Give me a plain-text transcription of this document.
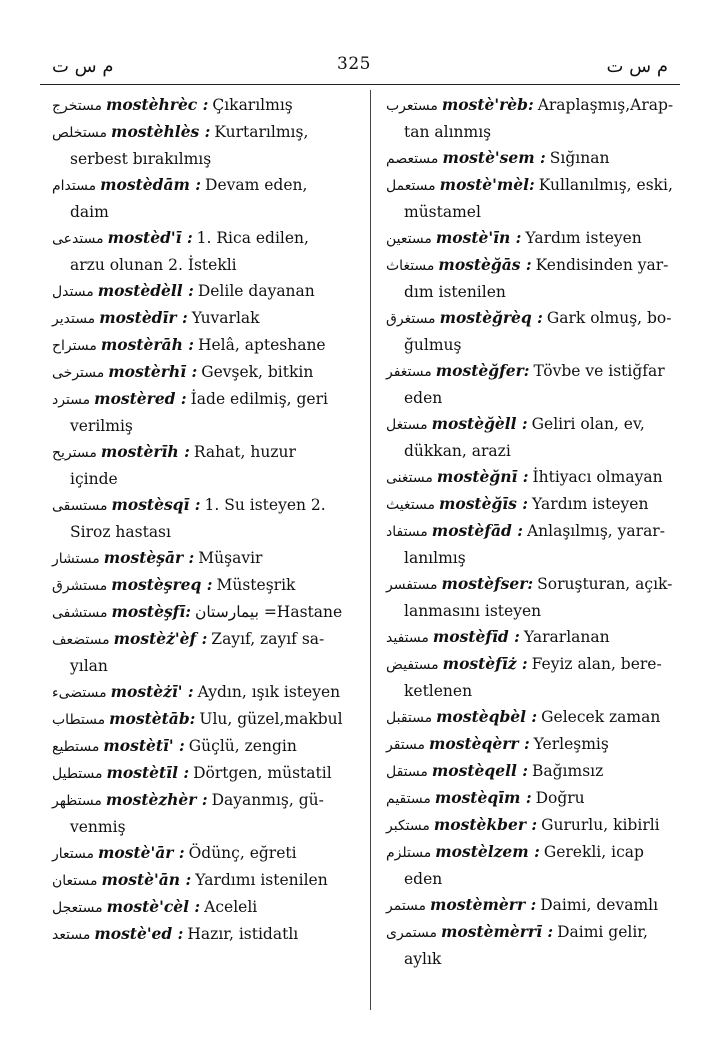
م س ت	325	م س ت

مستخرج mostèhrèc : Çıkarılmış

مستخلص mostèhlès : Kurtarılmış,
serbest bırakılmış

مستدام mostèdām : Devam eden,
daim

مستدعى mostèd'ī : 1. Rica edilen,
arzu olunan 2. İstekli

مستدل mostèdèll : Delile dayanan

مستدير mostèdīr : Yuvarlak

مستراح mostèrāh : Helâ, apteshane

مسترخى mostèrhī : Gevşek, bitkin

مسترد mostèred : İade edilmiş, geri
verilmiş

مستريح mostèrīh : Rahat, huzur
içinde

مستسقى mostèsqī : 1. Su isteyen 2.
Siroz hastası

مستشار mostèşār : Müşavir

مستشرق mostèşreq : Müsteşrik

مستشفى mostèşfī: بيمارستان =Hastane

مستضعف mostèż'èf : Zayıf, zayıf sa-
yılan

مستضىء mostèżī' : Aydın, ışık isteyen

مستطاب mostètāb: Ulu, güzel,makbul

مستطيع mostètī' : Güçlü, zengin

مستطيل mostètīl : Dörtgen, müstatil

مستظهر mostèzhèr : Dayanmış, gü-
venmiş

مستعار mostè'ār : Ödünç, eğreti

مستعان mostè'ān : Yardımı istenilen

مستعجل mostè'cèl : Aceleli

مستعد mostè'ed : Hazır, istidatlı

مستعرب mostè'rèb: Araplaşmış,Arap-
tan alınmış

مستعصم mostè'sem : Sığınan

مستعمل mostè'mèl: Kullanılmış, eski,
müstamel

مستعين mostè'īn : Yardım isteyen

مستغاث mostèğās : Kendisinden yar-
dım istenilen

مستغرق mostèğrèq : Gark olmuş, bo-
ğulmuş

مستغفر mostèğfer: Tövbe ve istiğfar
eden

مستغل mostèğèll : Geliri olan, ev,
dükkan, arazi

مستغنى mostèğnī : İhtiyacı olmayan

مستغيث mostèğīs : Yardım isteyen

مستفاد mostèfād : Anlaşılmış, yarar-
lanılmış

مستفسر mostèfser: Soruşturan, açık-
lanmasını isteyen

مستفيد mostèfīd : Yararlanan

مستفيض mostèfīż : Feyiz alan, bere-
ketlenen

مستقبل mostèqbèl : Gelecek zaman

مستقر mostèqèrr : Yerleşmiş

مستقل mostèqell : Bağımsız

مستقيم mostèqīm : Doğru

مستكبر mostèkber : Gururlu, kibirli

مستلزم mostèlzem : Gerekli, icap
eden

مستمر mostèmèrr : Daimi, devamlı

مستمرى mostèmèrrī : Daimi gelir,
aylık
